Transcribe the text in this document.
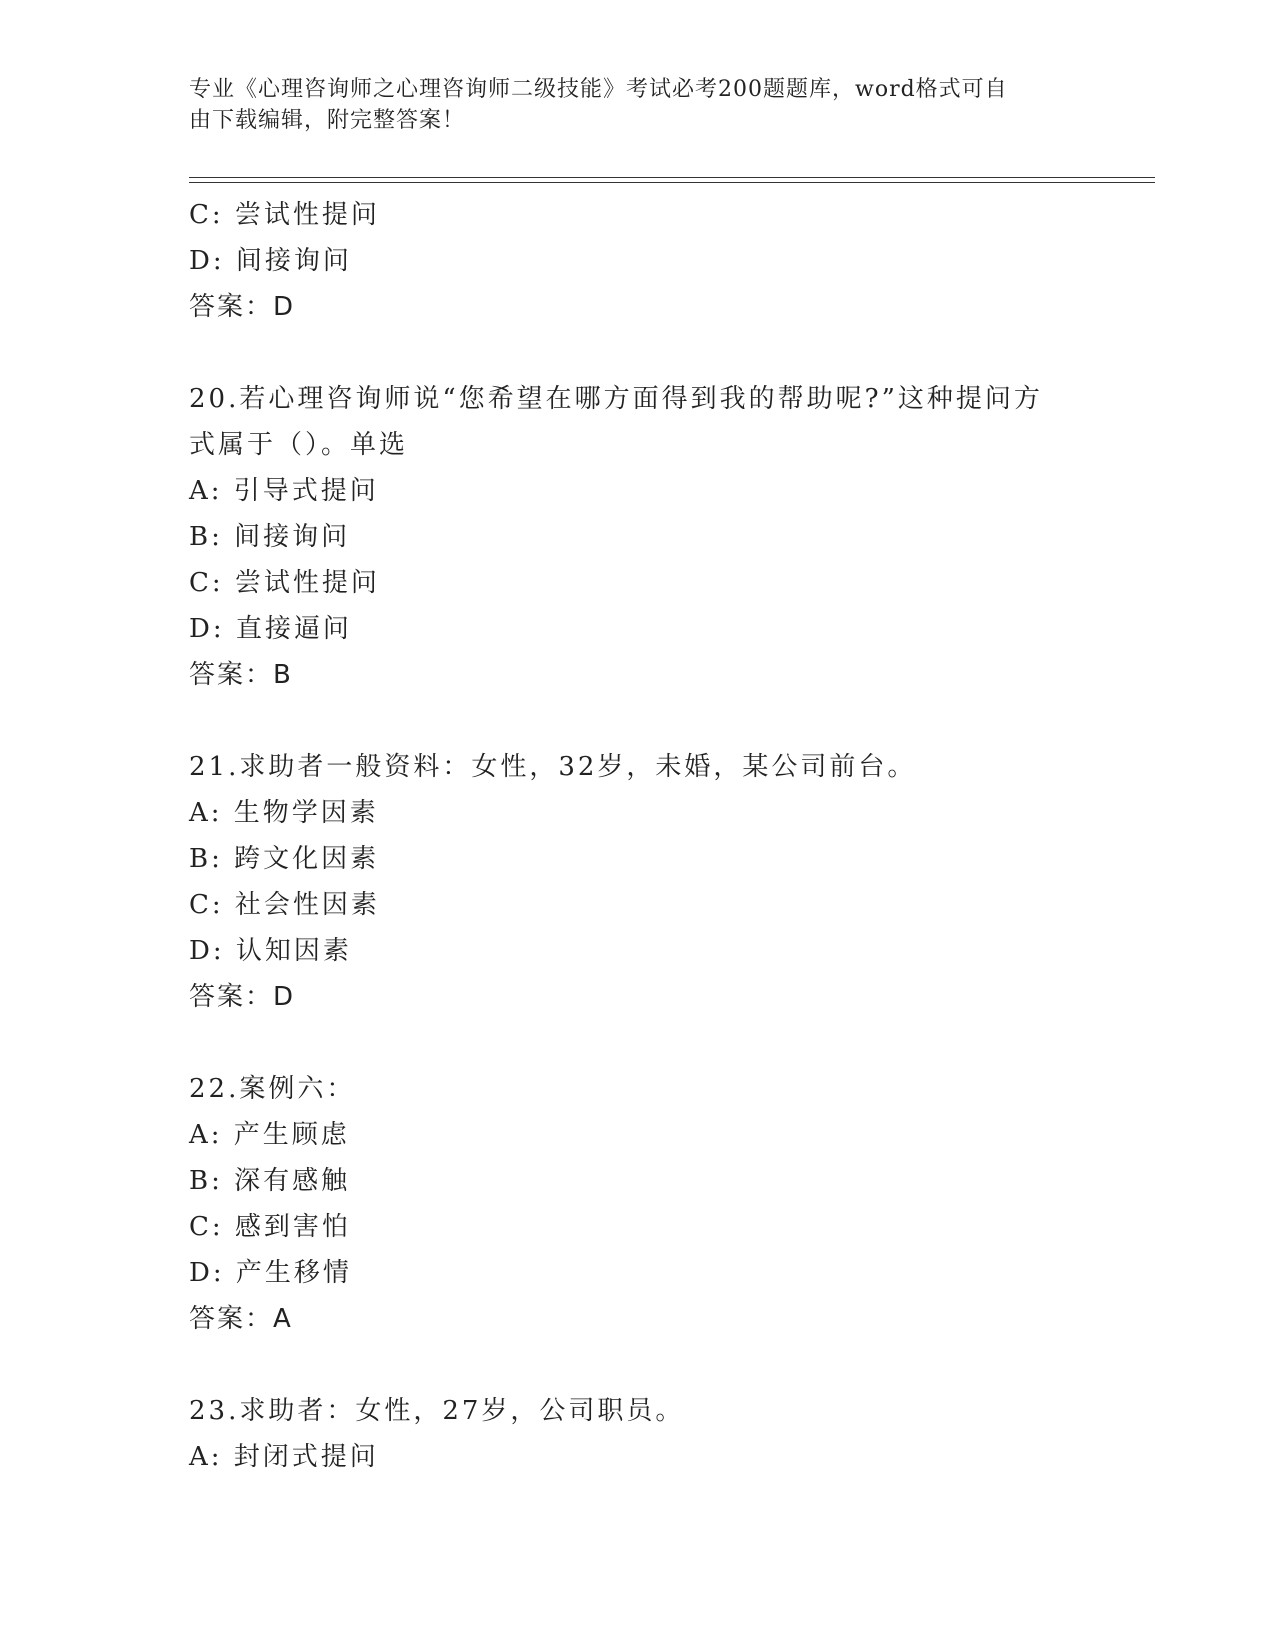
专业《心理咨询师之心理咨询师二级技能》考试必考200题题库，word格式可自
由下载编辑，附完整答案！
C: 尝试性提问
D: 间接询问
答案：D
20.若心理咨询师说“您希望在哪方面得到我的帮助呢?”这种提问方
式属于（）。单选
A: 引导式提问
B: 间接询问
C: 尝试性提问
D: 直接逼问
答案：B
21.求助者一般资料：女性，32岁，未婚，某公司前台。
A: 生物学因素
B: 跨文化因素
C: 社会性因素
D: 认知因素
答案：D
22.案例六：
A: 产生顾虑
B: 深有感触
C: 感到害怕
D: 产生移情
答案：A
23.求助者：女性，27岁，公司职员。
A: 封闭式提问
